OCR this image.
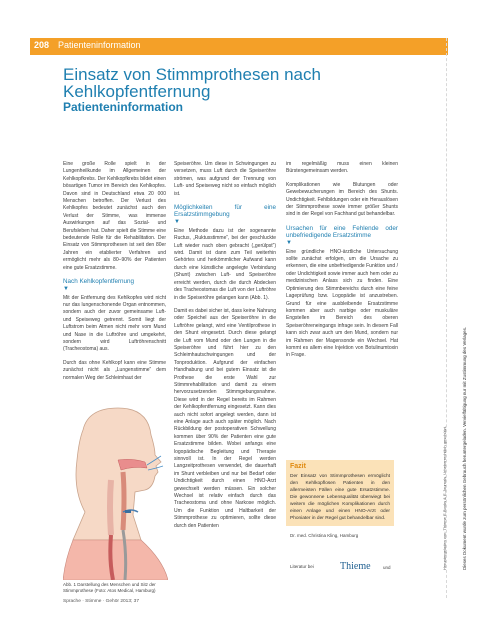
208 Patienteninformation
Einsatz von Stimmprothesen nach Kehlkopfentfernung
Patienteninformation

Eine große Rolle spielt in der Lungenheilkunde im Allgemeinen der Kehlkopfkrebs. Der Kehlkopfkrebs bildet einen bösartigen Tumor im Bereich des Kehlkopfes. Davon sind in Deutschland etwa 20 000 Menschen betroffen. Der Verlust des Kehlkopfes bedeutet zunächst auch den Verlust der Stimme, was immense Auswirkungen auf das Sozial- und Berufsleben hat. Daher spielt die Stimme eine bedeutende Rolle für die Rehabilitation. Der Einsatz von Stimmprothesen ist seit den 80er Jahren ein etablierter Verfahren und ermöglicht mehr als 80–90% der Patienten eine gute Ersatzstimme.

Nach Kehlkopfentfernung
▼

Mit der Entfernung des Kehlkopfes wird nicht nur das lungenschonende Organ entnommen, sondern auch der zuvor gemeinsame Luft- und Speiseweg getrennt. Somit liegt der Luftstrom beim Atmen nicht mehr vom Mund und Nase in die Luftröhre und umgekehrt, sondern wird Luftröhrenschnitt (Tracheostoma) aus.

Durch das ohne Kehlkopf kann eine Stimme zunächst nicht als „Lungenstimme“ dem normalen Weg der Schleimhaut der

Abb. 1 Darstellung des Menschen und Sitz der Stimmprothese (Foto: Atos Medical, Hamburg)

Speiseröhre. Um diese in Schwingungen zu versetzen, muss Luft durch die Speiseröhre strömen, was aufgrund der Trennung von Luft- und Speiseweg nicht so einfach möglich ist.

Möglichkeiten für eine Ersatzstimmgebung
▼

Eine Methode dazu ist der sogenannte Ructus, „Ruktusstimme“, bei der geschluckte Luft wieder nach oben gebracht („gerülpst“) wird. Damit ist dann zum Teil weiterhin Gehörtes und herkömmlicher Aufwand kann durch eine künstliche angelegte Verbindung (Shunt) zwischen Luft- und Speiseröhre erreicht werden, durch die durch Abdecken des Tracheostomas die Luft von der Luftröhre in die Speiseröhre gelangen kann (Abb. 1).

Damit es dabei sicher ist, dass keine Nahrung oder Speichel aus der Speiseröhre in die Luftröhre gelangt, wird eine Ventilprothese in den Shunt eingesetzt. Durch diese gelangt die Luft vom Mund oder den Lungen in die Speiseröhre und führt hier zu den Schleimhautschwingungen und der Tonproduktion. Aufgrund der einfachen Handhabung und bei gutem Einsatz ist die Prothese die erste Wahl zur Stimmrehabilitation und damit zu einem hervorzusetzenden Stimmgebungsnahme. Diese wird in der Regel bereits im Rahmen der Kehlkopfentfernung eingesetzt. Kann dies auch nicht sofort angelegt werden, dann ist eine Anlage auch auch später möglich. Nach Rückbildung der postoperativen Schwellung kommen über 90% der Patienten eine gute Ersatzstimme bilden. Wobei anfangs eine logopädische Begleitung und Therapie sinnvoll ist. In der Regel werden Langzeitprothesen verwendet, die dauerhaft im Shunt verbleiben und nur bei Bedarf oder Undichtigkeit durch einen HNO-Arzt gewechselt werden müssen. Ein solcher Wechsel ist relativ einfach durch das Tracheostoma und ohne Narkose möglich. Um die Funktion und Haltbarkeit der Stimmprothese zu optimieren, sollte diese durch den Patienten

im regelmäßig muss einen kleinen Bürstengemeinsam werden.

Komplikationen wie Blutungen oder Gewebewucherungen im Bereich des Shunts. Undichtigkeit. Fehlbildungen oder ein Herauslösen der Stimmprothese sowie immer größer Shunts sind in der Regel von Fachhand gut behandelbar.

Ursachen für eine Fehlende oder unbefriedigende Ersatzstimme
▼

Eine gründliche HNO-ärztliche Untersuchung sollte zunächst erfolgen, um die Ursache zu erkennen, die eine unbefriedigende Funktion und / oder Undichtigkeit sowie immer auch hem oder zu medizinischen Anlass sich zu finden. Eine Optimierung des Stimmbereichs durch eine feine Lageprüfung bzw. Logopädie ist anzustreben. Grund für eine ausbleibende Ersatzstimme kommen aber auch narbige oder muskuläre Engstellen im Bereich des oberen Speiseröhreneingangs infrage sein. In diesem Fall kann sich zwar auch um den Mund, sondern nur im Rahmen der Magensonde ein Wechsel. Hat kommt es allem eine Injektion von Botulinumtoxin in Frage.

Fazit
Der Einsatz von Stimmprothesen ermöglicht den Kehlkopflosen Patienten in den allermeisten Fällen eine gute Ersatzstimme. Die gewonnene Lebensqualität überwiegt bei weitem die möglichen Komplikationen durch einen Anlage und einen HNO-Arzt oder Phoniater in der Regel gut behandelbar sind.
Dr. med. Christina Kling, Hamburg
Literatur bei	Thieme	und
Sprache · Stimme · Gehör 2013; 37
Dieses Dokument wurde zum persönlichen Gebrauch heruntergeladen. Vervielfältigung nur mit Zustimmung des Verlages.
Heruntergeladen von: Thieme E-Books & E-Journals. Urheberrechtlich geschützt.
